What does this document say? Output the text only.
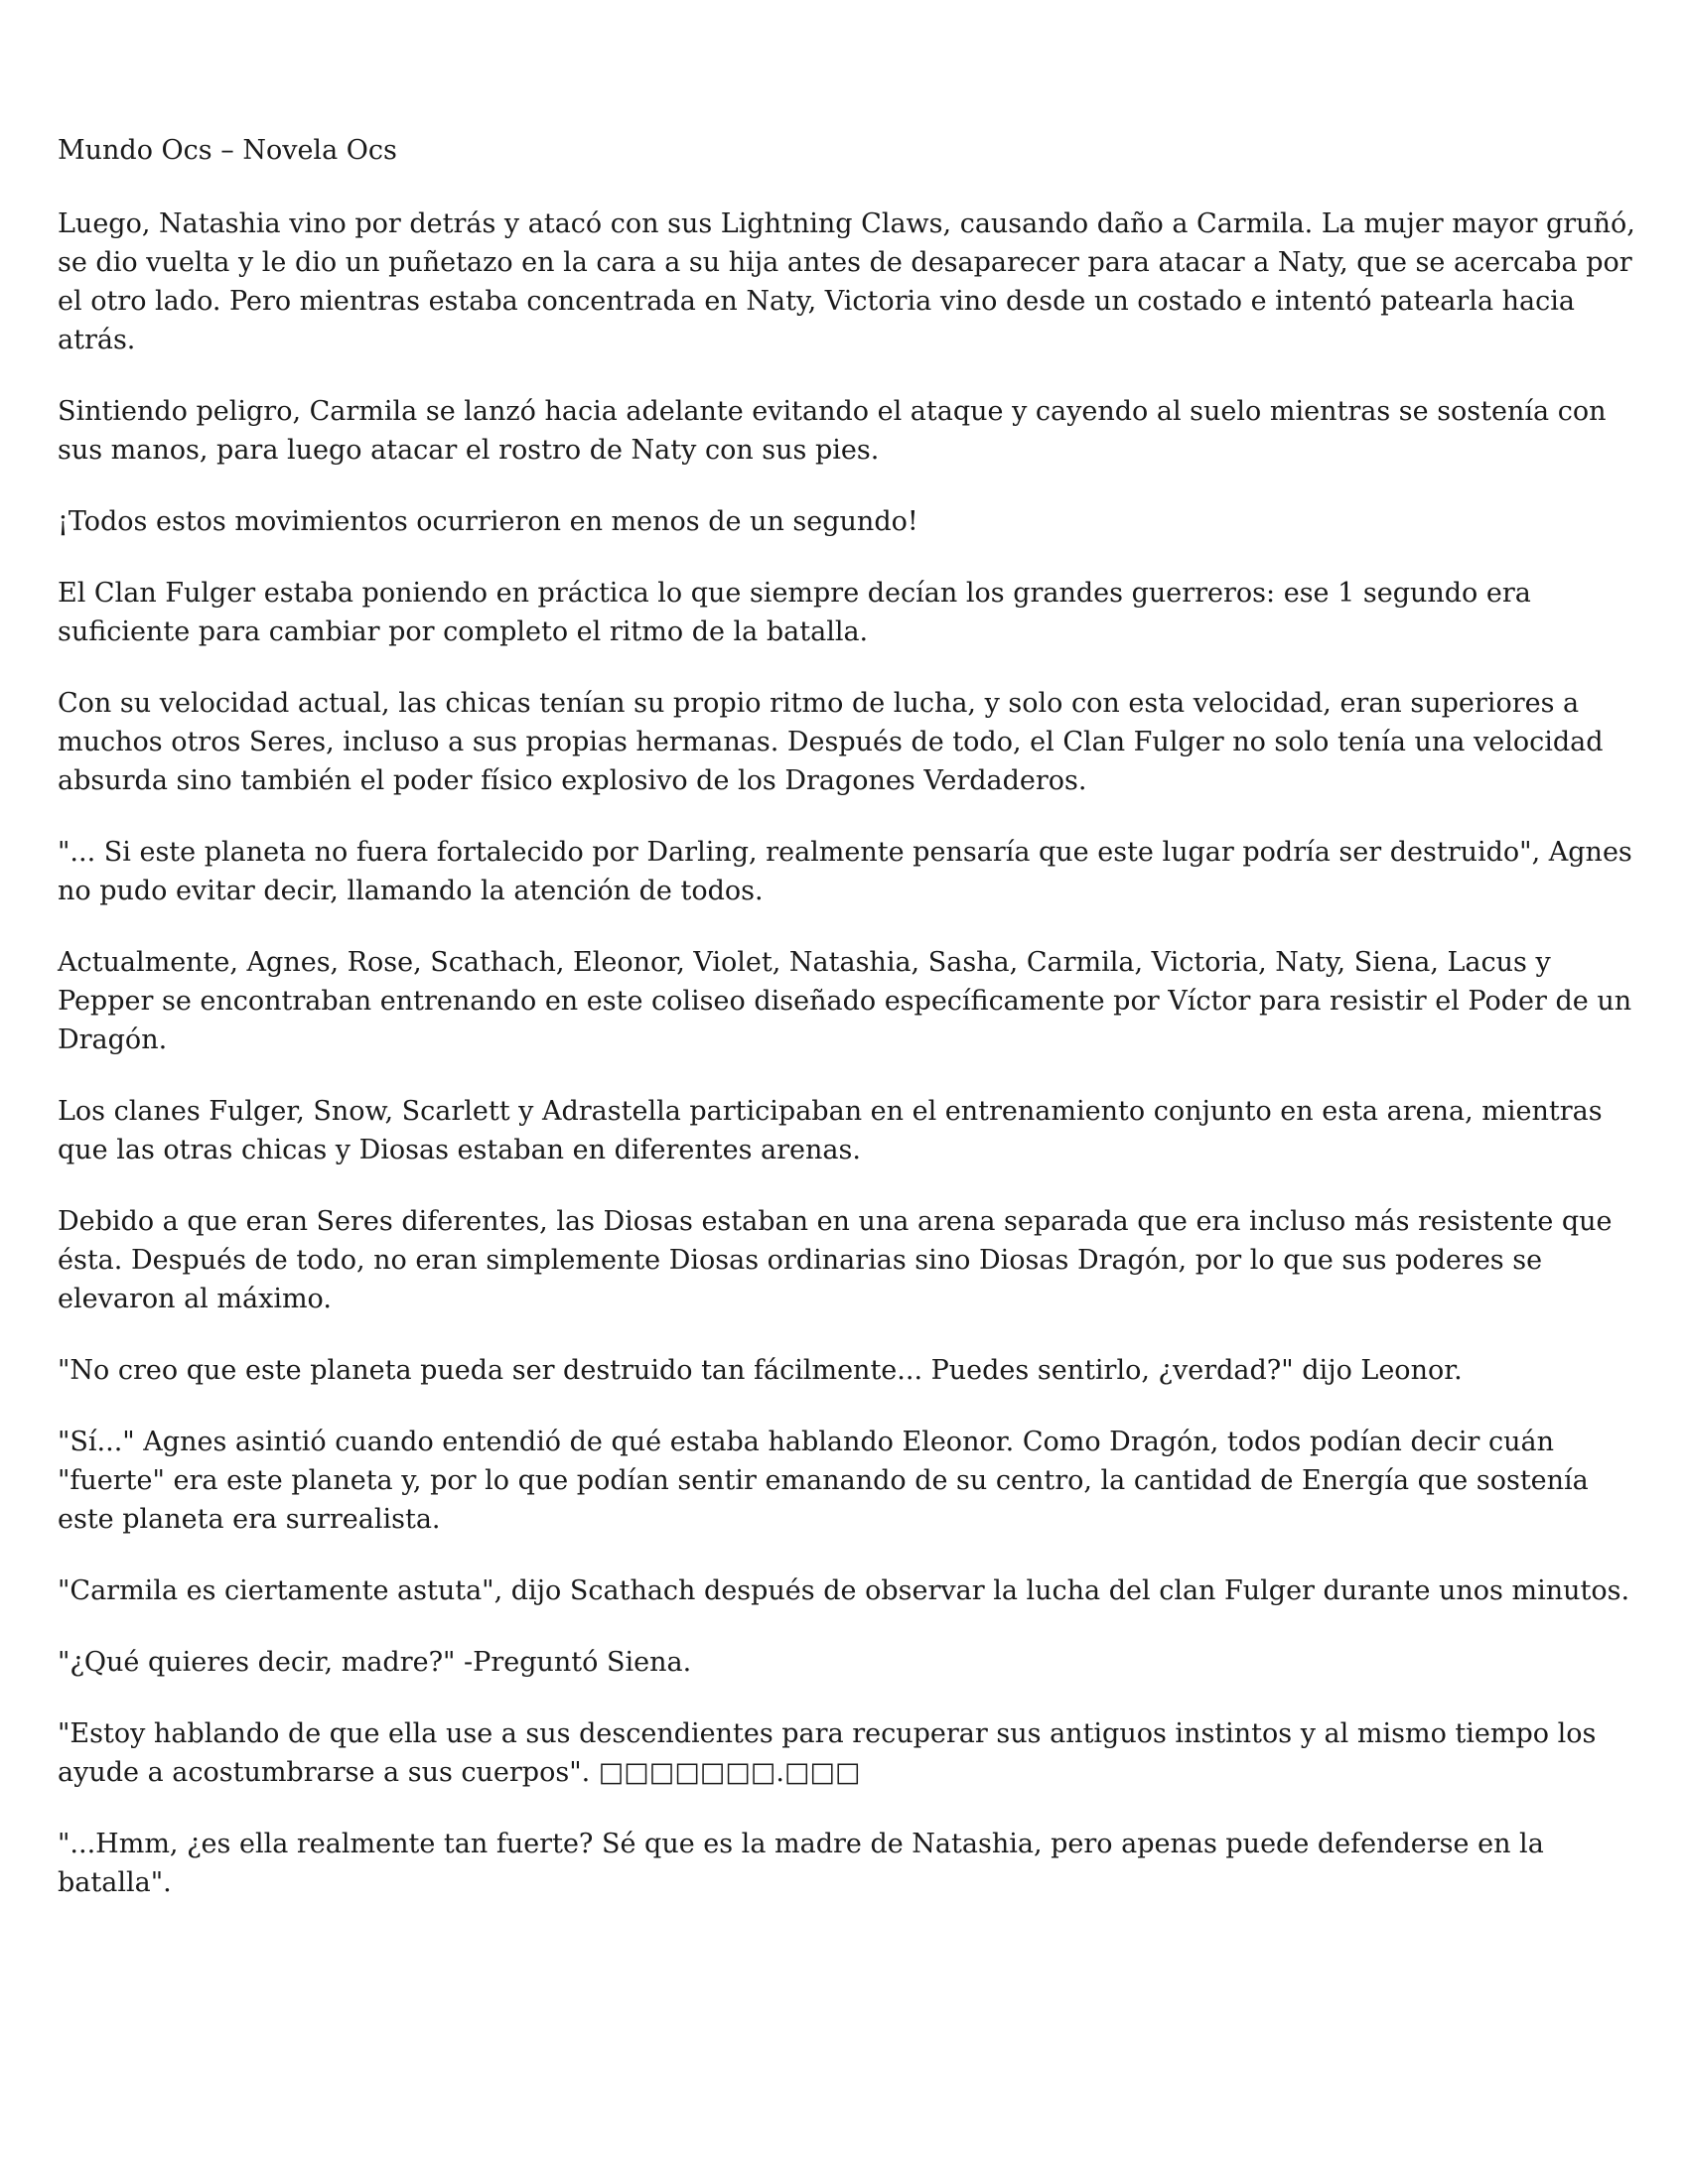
Mundo Ocs – Novela Ocs

Luego, Natashia vino por detrás y atacó con sus Lightning Claws, causando daño a Carmila. La mujer mayor gruñó, se dio vuelta y le dio un puñetazo en la cara a su hija antes de desaparecer para atacar a Naty, que se acercaba por el otro lado. Pero mientras estaba concentrada en Naty, Victoria vino desde un costado e intentó patearla hacia atrás.

Sintiendo peligro, Carmila se lanzó hacia adelante evitando el ataque y cayendo al suelo mientras se sostenía con sus manos, para luego atacar el rostro de Naty con sus pies.

¡Todos estos movimientos ocurrieron en menos de un segundo!

El Clan Fulger estaba poniendo en práctica lo que siempre decían los grandes guerreros: ese 1 segundo era suficiente para cambiar por completo el ritmo de la batalla.

Con su velocidad actual, las chicas tenían su propio ritmo de lucha, y solo con esta velocidad, eran superiores a muchos otros Seres, incluso a sus propias hermanas. Después de todo, el Clan Fulger no solo tenía una velocidad absurda sino también el poder físico explosivo de los Dragones Verdaderos.

"... Si este planeta no fuera fortalecido por Darling, realmente pensaría que este lugar podría ser destruido", Agnes no pudo evitar decir, llamando la atención de todos.

Actualmente, Agnes, Rose, Scathach, Eleonor, Violet, Natashia, Sasha, Carmila, Victoria, Naty, Siena, Lacus y Pepper se encontraban entrenando en este coliseo diseñado específicamente por Víctor para resistir el Poder de un Dragón.

Los clanes Fulger, Snow, Scarlett y Adrastella participaban en el entrenamiento conjunto en esta arena, mientras que las otras chicas y Diosas estaban en diferentes arenas.

Debido a que eran Seres diferentes, las Diosas estaban en una arena separada que era incluso más resistente que ésta. Después de todo, no eran simplemente Diosas ordinarias sino Diosas Dragón, por lo que sus poderes se elevaron al máximo.

"No creo que este planeta pueda ser destruido tan fácilmente... Puedes sentirlo, ¿verdad?" dijo Leonor.

"Sí..." Agnes asintió cuando entendió de qué estaba hablando Eleonor. Como Dragón, todos podían decir cuán "fuerte" era este planeta y, por lo que podían sentir emanando de su centro, la cantidad de Energía que sostenía este planeta era surrealista.

"Carmila es ciertamente astuta", dijo Scathach después de observar la lucha del clan Fulger durante unos minutos.

"¿Qué quieres decir, madre?" -Preguntó Siena.

"Estoy hablando de que ella use a sus descendientes para recuperar sus antiguos instintos y al mismo tiempo los ayude a acostumbrarse a sus cuerpos". □□□□□□□.□□□

"...Hmm, ¿es ella realmente tan fuerte? Sé que es la madre de Natashia, pero apenas puede defenderse en la batalla".
